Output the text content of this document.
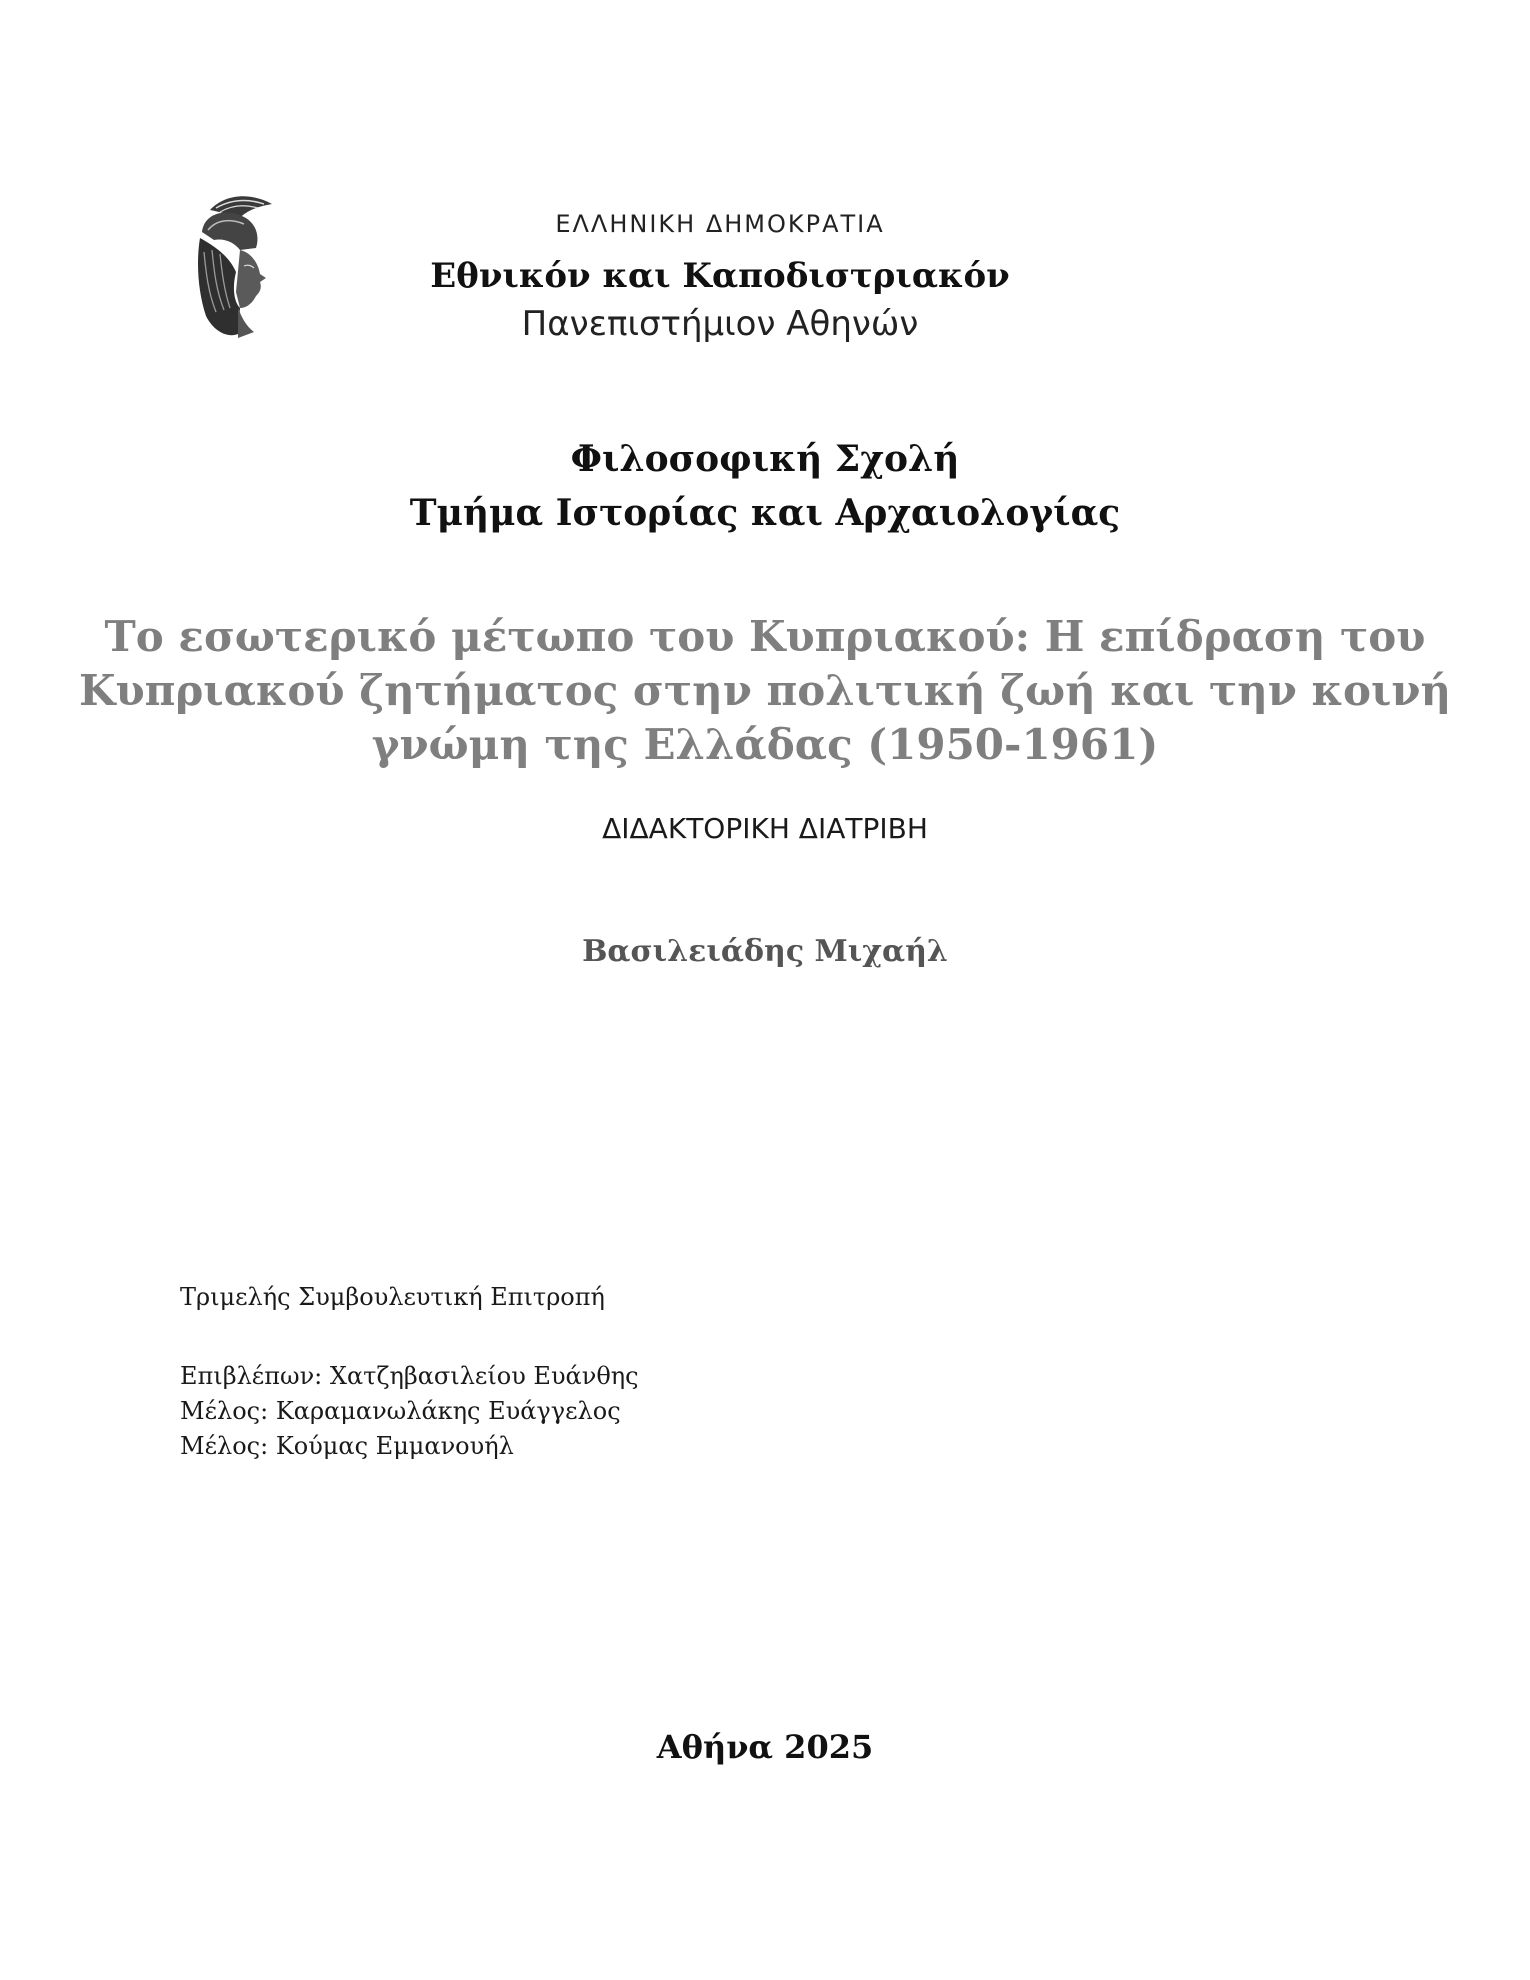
ΕΛΛΗΝΙΚΗ ΔΗΜΟΚΡΑΤΙΑ
Εθνικόν και Καποδιστριακόν
Πανεπιστήμιον Αθηνών
Φιλοσοφική Σχολή
Τμήμα Ιστορίας και Αρχαιολογίας
Το εσωτερικό μέτωπο του Κυπριακού: Η επίδραση του
Κυπριακού ζητήματος στην πολιτική ζωή και την κοινή
γνώμη της Ελλάδας (1950-1961)
ΔΙΔΑΚΤΟΡΙΚΗ ΔΙΑΤΡΙΒΗ
Βασιλειάδης Μιχαήλ
Τριμελής Συμβουλευτική Επιτροπή
Επιβλέπων: Χατζηβασιλείου Ευάνθης
Μέλος: Καραμανωλάκης Ευάγγελος
Μέλος: Κούμας Εμμανουήλ
Αθήνα 2025
